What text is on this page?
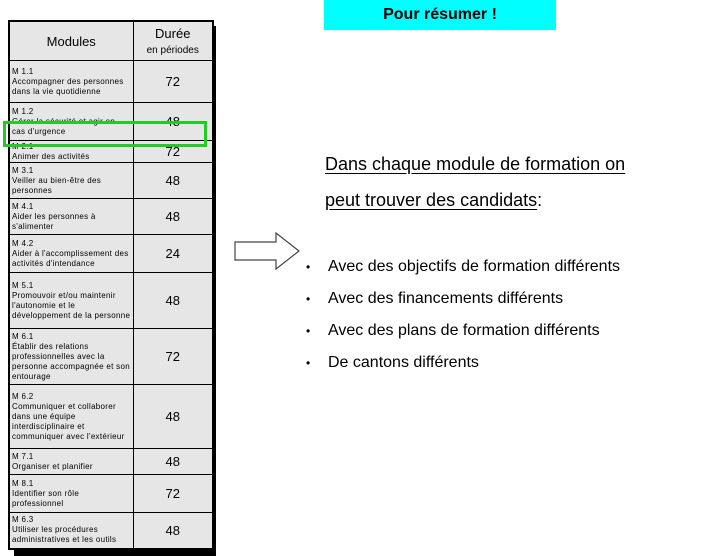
Pour résumer !
Modules	Durée
en périodes

M 1.1
Accompagner des personnes dans la vie quotidienne	72
M 1.2
Gérer la sécurité et agir en cas d'urgence	48
M 2.1
Animer des activités	72
M 3.1
Veiller au bien-être des personnes	48
M 4.1
Aider les personnes à s'alimenter	48
M 4.2
Aider à l'accomplissement des activités d'intendance	24
M 5.1
Promouvoir et/ou maintenir l'autonomie et le développement de la personne	48
M 6.1
Établir des relations professionnelles avec la personne accompagnée et son entourage	72
M 6.2
Communiquer et collaborer dans une équipe interdisciplinaire et communiquer avec l'extérieur	48
M 7.1
Organiser et planifier	48
M 8.1
Identifier son rôle professionnel	72
M 6.3
Utiliser les procédures administratives et les outils	48
Dans chaque module de formation on
peut trouver des candidats:
•	Avec des objectifs de formation différents
•	Avec des financements différents
•	Avec des plans de formation différents
•	De cantons différents
